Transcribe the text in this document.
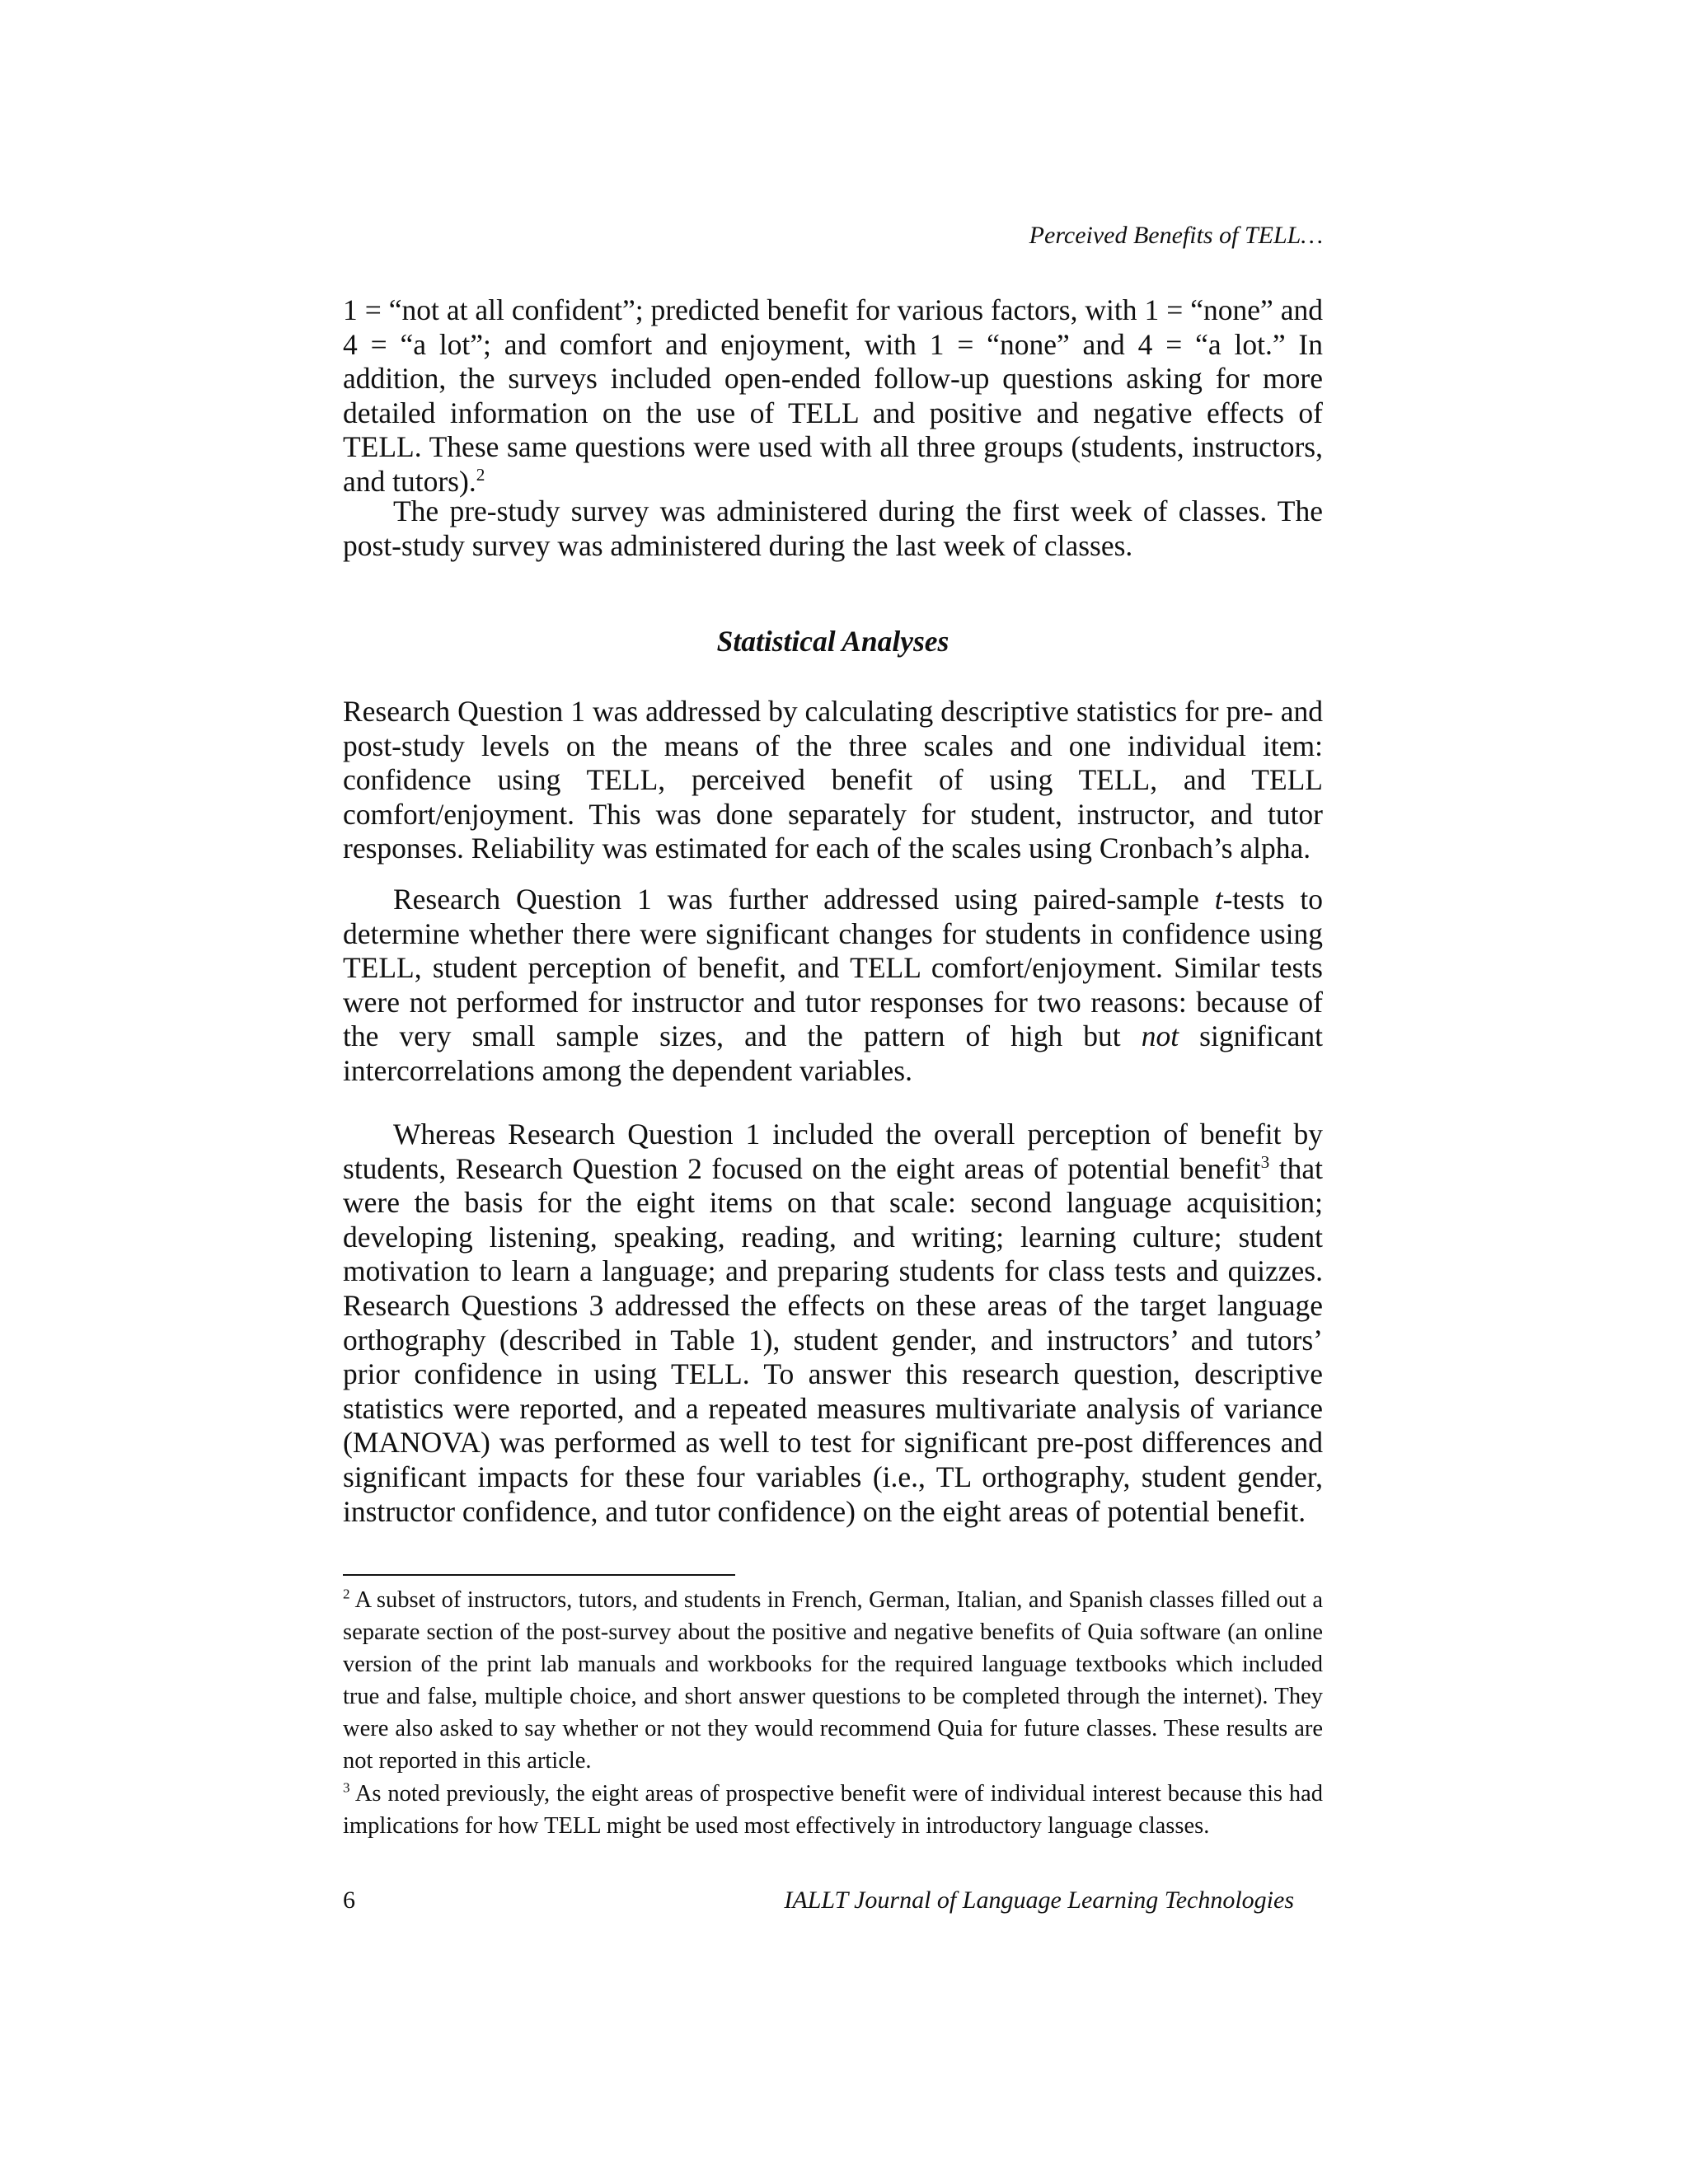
Perceived Benefits of TELL…

1 = “not at all confident”; predicted benefit for various factors, with 1 = “none” and 4 = “a lot”; and comfort and enjoyment, with 1 = “none” and 4 = “a lot.” In addition, the surveys included open-ended follow-up questions asking for more detailed information on the use of TELL and positive and negative effects of TELL. These same questions were used with all three groups (students, instructors, and tutors).$^2$

The pre-study survey was administered during the first week of classes. The post-study survey was administered during the last week of classes.

Statistical Analyses

Research Question 1 was addressed by calculating descriptive statistics for pre- and post-study levels on the means of the three scales and one individual item: confidence using TELL, perceived benefit of using TELL, and TELL comfort/enjoyment. This was done separately for student, instructor, and tutor responses. Reliability was estimated for each of the scales using Cronbach’s alpha.

Research Question 1 was further addressed using paired-sample t-tests to determine whether there were significant changes for students in confidence using TELL, student perception of benefit, and TELL comfort/enjoyment. Similar tests were not performed for instructor and tutor responses for two reasons: because of the very small sample sizes, and the pattern of high but not significant intercorrelations among the dependent variables.

Whereas Research Question 1 included the overall perception of benefit by students, Research Question 2 focused on the eight areas of potential benefit$^3$ that were the basis for the eight items on that scale: second language acquisition; developing listening, speaking, reading, and writing; learning culture; student motivation to learn a language; and preparing students for class tests and quizzes. Research Questions 3 addressed the effects on these areas of the target language orthography (described in Table 1), student gender, and instructors’ and tutors’ prior confidence in using TELL. To answer this research question, descriptive statistics were reported, and a repeated measures multivariate analysis of variance (MANOVA) was performed as well to test for significant pre-post differences and significant impacts for these four variables (i.e., TL orthography, student gender, instructor confidence, and tutor confidence) on the eight areas of potential benefit.

$^2$ A subset of instructors, tutors, and students in French, German, Italian, and Spanish classes filled out a separate section of the post-survey about the positive and negative benefits of Quia software (an online version of the print lab manuals and workbooks for the required language textbooks which included true and false, multiple choice, and short answer questions to be completed through the internet). They were also asked to say whether or not they would recommend Quia for future classes. These results are not reported in this article.

$^3$ As noted previously, the eight areas of prospective benefit were of individual interest because this had implications for how TELL might be used most effectively in introductory language classes.

6	IALLT Journal of Language Learning Technologies
